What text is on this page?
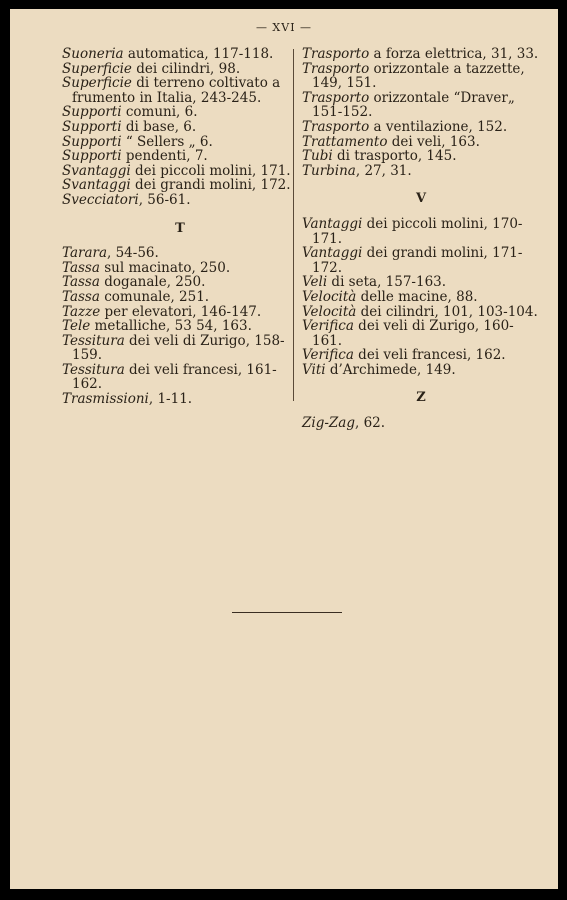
— XVI —

Suoneria automatica, 117-118.

Superficie dei cilindri, 98.

Superficie di terreno coltivato a frumento in Italia, 243-245.

Supporti comuni, 6.

Supporti di base, 6.

Supporti “ Sellers „ 6.

Supporti pendenti, 7.

Svantaggi dei piccoli molini, 171.

Svantaggi dei grandi molini, 172.

Svecciatori, 56-61.

T

Tarara, 54-56.

Tassa sul macinato, 250.

Tassa doganale, 250.

Tassa comunale, 251.

Tazze per elevatori, 146-147.

Tele metalliche, 53 54, 163.

Tessitura dei veli di Zurigo, 158-159.

Tessitura dei veli francesi, 161-162.

Trasmissioni, 1-11.

Trasporto a forza elettrica, 31, 33.

Trasporto orizzontale a tazzette, 149, 151.

Trasporto orizzontale “Draver„ 151-152.

Trasporto a ventilazione, 152.

Trattamento dei veli, 163.

Tubi di trasporto, 145.

Turbina, 27, 31.

V

Vantaggi dei piccoli molini, 170-171.

Vantaggi dei grandi molini, 171-172.

Veli di seta, 157-163.

Velocità delle macine, 88.

Velocità dei cilindri, 101, 103-104.

Verifica dei veli di Zurigo, 160-161.

Verifica dei veli francesi, 162.

Viti d’Archimede, 149.

Z

Zig-Zag, 62.
